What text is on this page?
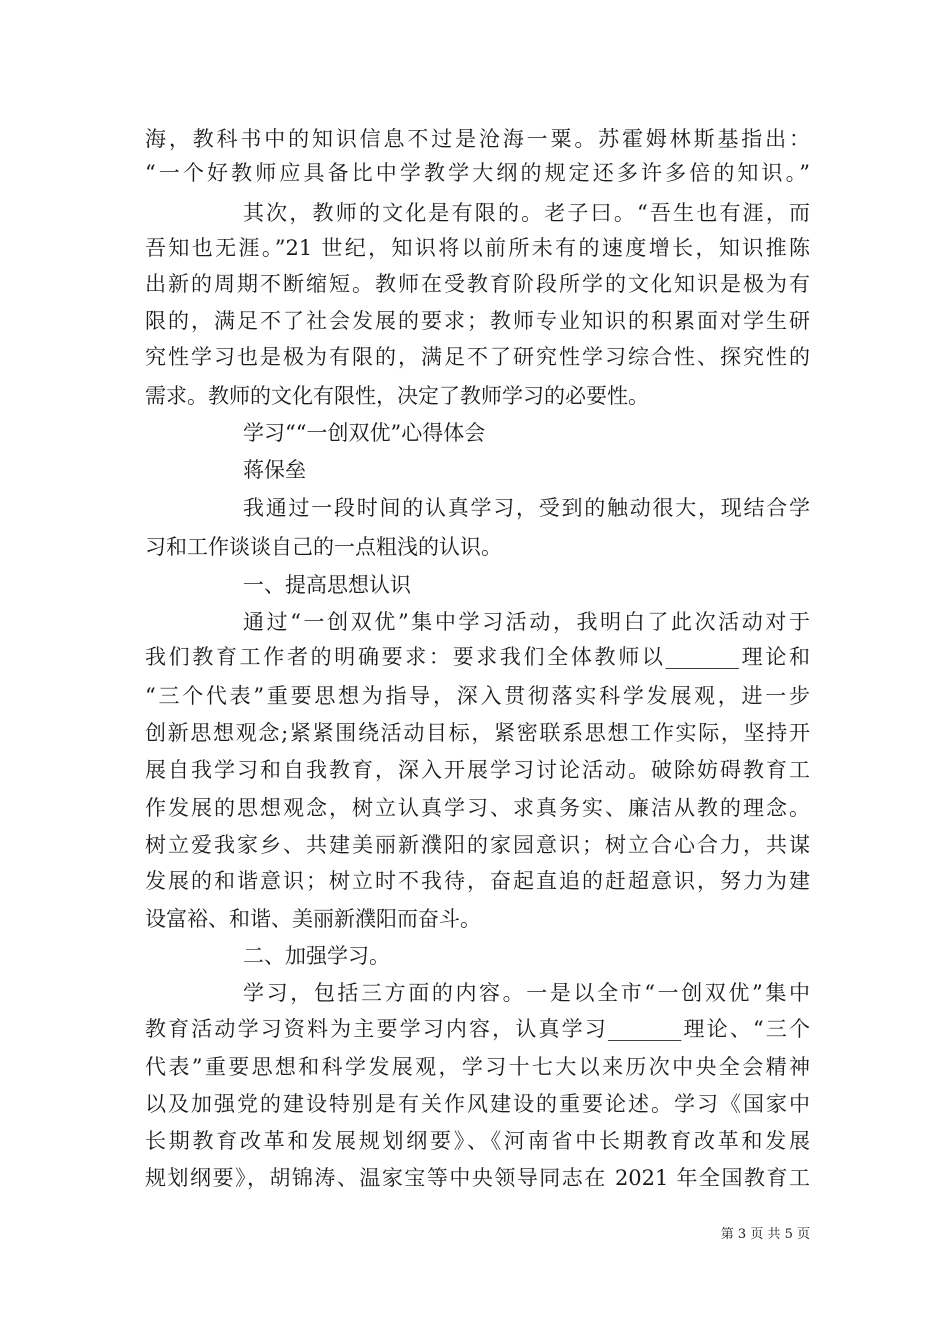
海，教科书中的知识信息不过是沧海一粟。苏霍姆林斯基指出：
“一个好教师应具备比中学教学大纲的规定还多许多倍的知识。”
其次，教师的文化是有限的。老子曰。“吾生也有涯，而
吾知也无涯。”21 世纪，知识将以前所未有的速度增长，知识推陈
出新的周期不断缩短。教师在受教育阶段所学的文化知识是极为有
限的，满足不了社会发展的要求；教师专业知识的积累面对学生研
究性学习也是极为有限的，满足不了研究性学习综合性、探究性的
需求。教师的文化有限性，决定了教师学习的必要性。
学习““一创双优”心得体会
蒋保垒
我通过一段时间的认真学习，受到的触动很大，现结合学
习和工作谈谈自己的一点粗浅的认识。
一、提高思想认识
通过“一创双优”集中学习活动，我明白了此次活动对于
我们教育工作者的明确要求：要求我们全体教师以_______理论和
“三个代表”重要思想为指导，深入贯彻落实科学发展观，进一步
创新思想观念;紧紧围绕活动目标，紧密联系思想工作实际，坚持开
展自我学习和自我教育，深入开展学习讨论活动。破除妨碍教育工
作发展的思想观念，树立认真学习、求真务实、廉洁从教的理念。
树立爱我家乡、共建美丽新濮阳的家园意识；树立合心合力，共谋
发展的和谐意识；树立时不我待，奋起直追的赶超意识，努力为建
设富裕、和谐、美丽新濮阳而奋斗。
二、加强学习。
学习，包括三方面的内容。一是以全市“一创双优”集中
教育活动学习资料为主要学习内容，认真学习_______理论、“三个
代表”重要思想和科学发展观，学习十七大以来历次中央全会精神
以及加强党的建设特别是有关作风建设的重要论述。学习《国家中
长期教育改革和发展规划纲要》、《河南省中长期教育改革和发展
规划纲要》，胡锦涛、温家宝等中央领导同志在 2021 年全国教育工
第 3 页 共 5 页
